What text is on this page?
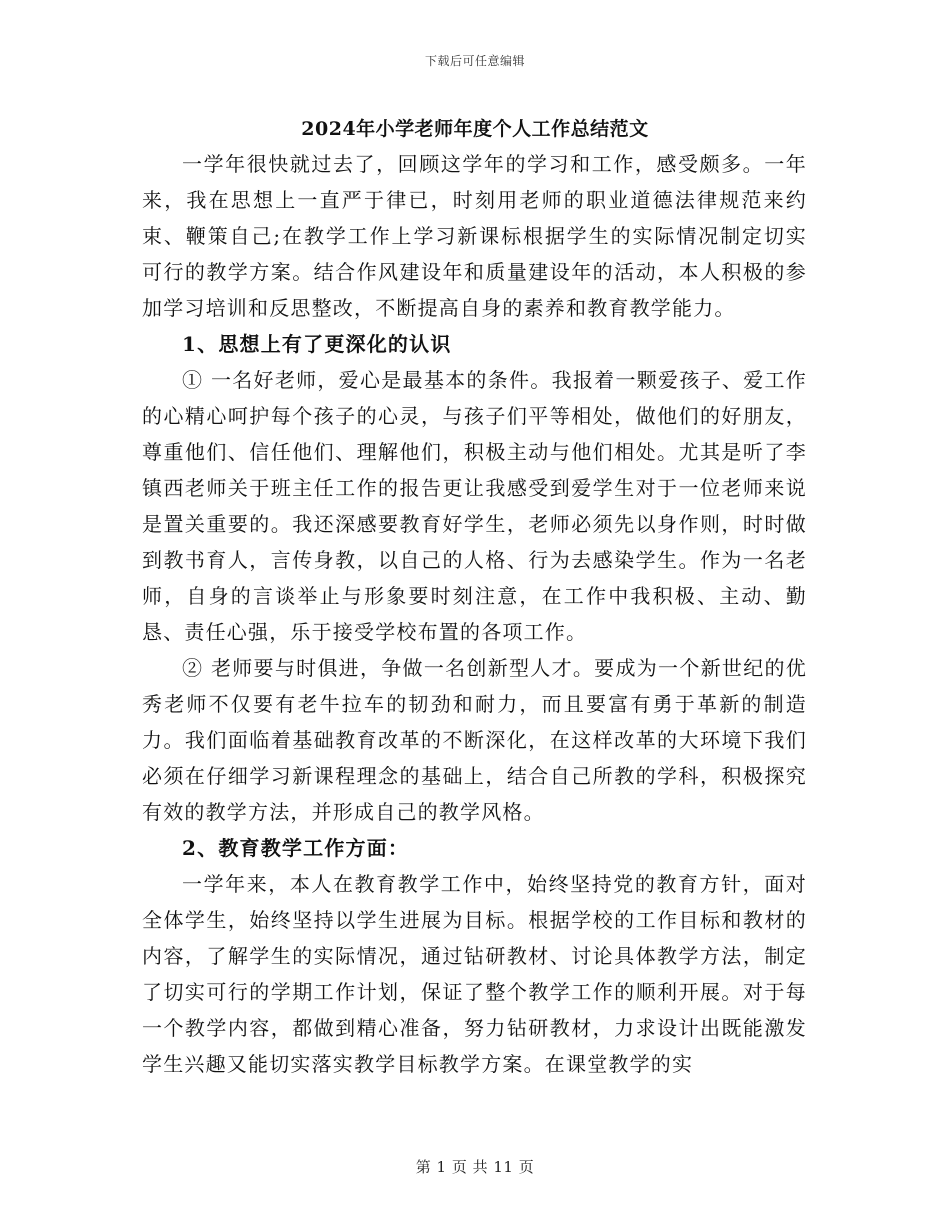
下载后可任意编辑
2024年小学老师年度个人工作总结范文

一学年很快就过去了，回顾这学年的学习和工作，感受颇多。一年来，我在思想上一直严于律已，时刻用老师的职业道德法律规范来约束、鞭策自己;在教学工作上学习新课标根据学生的实际情况制定切实可行的教学方案。结合作风建设年和质量建设年的活动，本人积极的参加学习培训和反思整改，不断提高自身的素养和教育教学能力。

1、思想上有了更深化的认识

① 一名好老师，爱心是最基本的条件。我报着一颗爱孩子、爱工作的心精心呵护每个孩子的心灵，与孩子们平等相处，做他们的好朋友，尊重他们、信任他们、理解他们，积极主动与他们相处。尤其是听了李镇西老师关于班主任工作的报告更让我感受到爱学生对于一位老师来说是置关重要的。我还深感要教育好学生，老师必须先以身作则，时时做到教书育人，言传身教，以自己的人格、行为去感染学生。作为一名老师，自身的言谈举止与形象要时刻注意，在工作中我积极、主动、勤恳、责任心强，乐于接受学校布置的各项工作。

② 老师要与时俱进，争做一名创新型人才。要成为一个新世纪的优秀老师不仅要有老牛拉车的韧劲和耐力，而且要富有勇于革新的制造力。我们面临着基础教育改革的不断深化，在这样改革的大环境下我们必须在仔细学习新课程理念的基础上，结合自己所教的学科，积极探究有效的教学方法，并形成自己的教学风格。

2、教育教学工作方面：

一学年来，本人在教育教学工作中，始终坚持党的教育方针，面对全体学生，始终坚持以学生进展为目标。根据学校的工作目标和教材的内容，了解学生的实际情况，通过钻研教材、讨论具体教学方法，制定了切实可行的学期工作计划，保证了整个教学工作的顺利开展。对于每一个教学内容，都做到精心准备，努力钻研教材，力求设计出既能激发学生兴趣又能切实落实教学目标教学方案。在课堂教学的实

第 1 页 共 11 页
